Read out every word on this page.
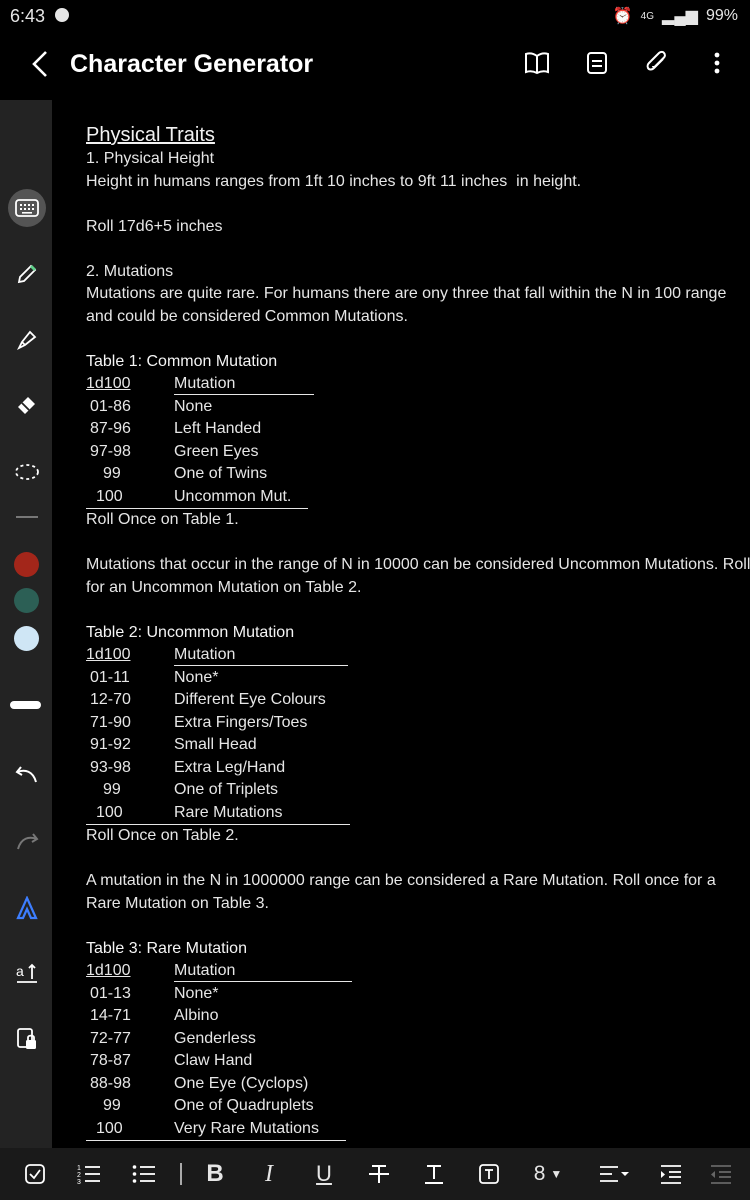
6:43	⏰ 4G ▂▄▆ 99%
Character Generator
a
Physical Traits
1. Physical Height
Height in humans ranges from 1ft 10 inches to 9ft 11 inches  in height.
Roll 17d6+5 inches
2. Mutations
Mutations are quite rare. For humans there are ony three that fall within the N in 100 range and could be considered Common Mutations.
Table 1: Common Mutation
1d100	Mutation
01-86	None
87-96	Left Handed
97-98	Green Eyes
99	One of Twins
100	Uncommon Mut.
Roll Once on Table 1.
Mutations that occur in the range of N in 10000 can be considered Uncommon Mutations. Roll for an Uncommon Mutation on Table 2.
Table 2: Uncommon Mutation
1d100	Mutation
01-11	None*
12-70	Different Eye Colours
71-90	Extra Fingers/Toes
91-92	Small Head
93-98	Extra Leg/Hand
99	One of Triplets
100	Rare Mutations
Roll Once on Table 2.
A mutation in the N in 1000000 range can be considered a Rare Mutation. Roll once for a Rare Mutation on Table 3.
Table 3: Rare Mutation
1d100	Mutation
01-13	None*
14-71	Albino
72-77	Genderless
78-87	Claw Hand
88-98	One Eye (Cyclops)
99	One of Quadruplets
100	Very Rare Mutations
1
2
3	B	I	U	8 ▼
